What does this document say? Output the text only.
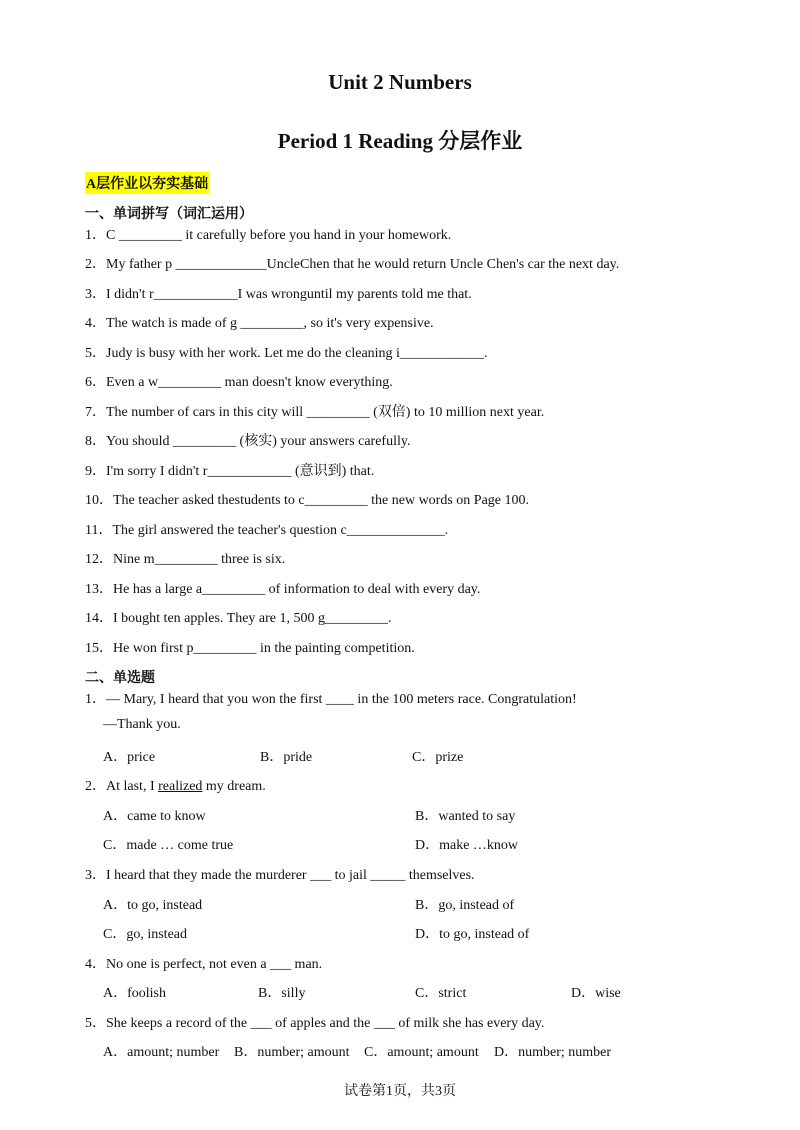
Unit 2 Numbers
Period 1 Reading 分层作业
A层作业以夯实基础
一、单词拼写（词汇运用）
1．C _________ it carefully before you hand in your homework.
2．My father p _____________UncleChen that he would return Uncle Chen's car the next day.
3．I didn't r____________I was wronguntil my parents told me that.
4．The watch is made of g _________, so it's very expensive.
5．Judy is busy with her work. Let me do the cleaning i____________.
6．Even a w_________ man doesn't know everything.
7．The number of cars in this city will _________ (双倍) to 10 million next year.
8．You should _________ (核实) your answers carefully.
9．I'm sorry I didn't r____________ (意识到) that.
10．The teacher asked thestudents to c_________ the new words on Page 100.
11．The girl answered the teacher's question c______________.
12．Nine m_________ three is six.
13．He has a large a_________ of information to deal with every day.
14．I bought ten apples. They are 1, 500 g_________.
15．He won first p_________ in the painting competition.
二、单选题
1．— Mary, I heard that you won the first ____ in the 100 meters race. Congratulation!
—Thank you.
A．price	B．pride	C．prize
2．At last, I realized my dream.
A．came to know	B．wanted to say
C．made … come true	D．make …know
3．I heard that they made the murderer ___ to jail _____ themselves.
A．to go, instead	B．go, instead of
C．go, instead	D．to go, instead of
4．No one is perfect, not even a ___ man.
A．foolish	B．silly	C．strict	D．wise
5．She keeps a record of the ___ of apples and the ___ of milk she has every day.
A．amount; number B．number; amount C．amount; amount D．number; number
试卷第1页，共3页
